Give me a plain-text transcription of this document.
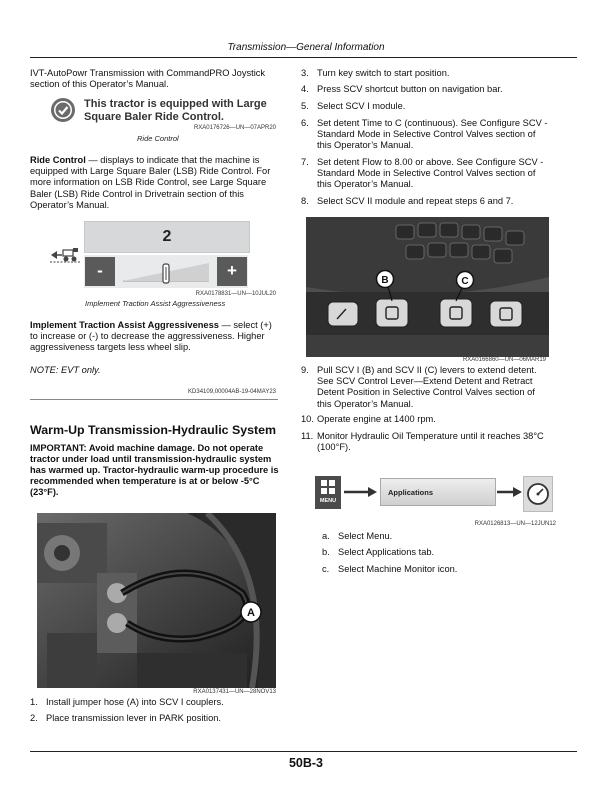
Transmission—General Information

IVT-AutoPowr Transmission with CommandPRO Joystick section of this Operator’s Manual.

This tractor is equipped with Large
Square Baler Ride Control.
RXA0176726—UN—07APR20
Ride Control

Ride Control — displays to indicate that the machine is equipped with Large Square Baler (LSB) Ride Control. For more information on LSB Ride Control, see Large Square Baler (LSB) Ride Control in Drivetrain section of this Operator’s Manual.

2
-	+
RXA0178831—UN—10JUL20
Implement Traction Assist Aggressiveness

Implement Traction Assist Aggressiveness — select (+) to increase or (-) to decrease the aggressiveness. Higher aggressiveness targets less wheel slip.

NOTE: EVT only.

KD34109,00004AB-19-04MAY23
Warm-Up Transmission-Hydraulic System

IMPORTANT: Avoid machine damage. Do not operate tractor under load until transmission-hydraulic system has warmed up. Tractor-hydraulic warm-up procedure is recommended when temperature is at or below -5°C (23°F).

A
RXA0137431—UN—28NOV13
1. Install jumper hose (A) into SCV I couplers.
2. Place transmission lever in PARK position.
3. Turn key switch to start position.
4. Press SCV shortcut button on navigation bar.
5. Select SCV I module.
6. Set detent Time to C (continuous). See Configure SCV - Standard Mode in Selective Control Valves section of this Operator’s Manual.
7. Set detent Flow to 8.00 or above. See Configure SCV - Standard Mode in Selective Control Valves section of this Operator’s Manual.
8. Select SCV II module and repeat steps 6 and 7.
B	C
RXA0166860—UN—06MAR19
9. Pull SCV I (B) and SCV II (C) levers to extend detent. See SCV Control Lever—Extend Detent and Retract Detent Position in Selective Control Valves section of this Operator’s Manual.
10. Operate engine at 1400 rpm.
11. Monitor Hydraulic Oil Temperature until it reaches 38°C (100°F).
MENU
Applications
RXA0126813—UN—12JUN12
a. Select Menu.
b. Select Applications tab.
c. Select Machine Monitor icon.
50B-3
